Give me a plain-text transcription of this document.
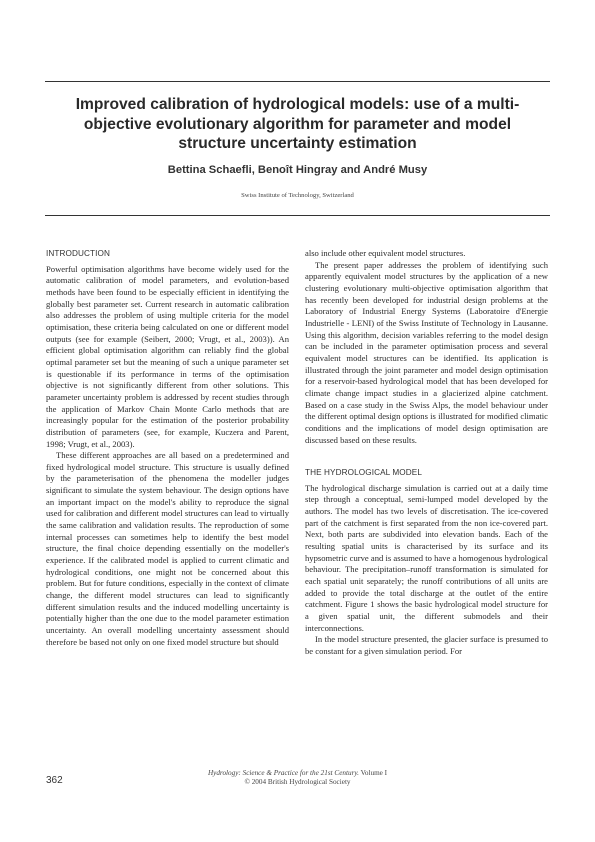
Improved calibration of hydrological models: use of a multi-objective evolutionary algorithm for parameter and model structure uncertainty estimation
Bettina Schaefli, Benoît Hingray and André Musy
Swiss Institute of Technology, Switzerland
INTRODUCTION

Powerful optimisation algorithms have become widely used for the automatic calibration of model parameters, and evolution-based methods have been found to be especially efficient in identifying the globally best parameter set. Current research in automatic calibration also addresses the problem of using multiple criteria for the model optimisation, these criteria being calculated on one or different model outputs (see for example (Seibert, 2000; Vrugt, et al., 2003)). An efficient global optimisation algorithm can reliably find the global optimal parameter set but the meaning of such a unique parameter set is questionable if its performance in terms of the optimisation objective is not significantly different from other solutions. This parameter uncertainty problem is addressed by recent studies through the application of Markov Chain Monte Carlo methods that are increasingly popular for the estimation of the posterior probability distribution of parameters (see, for example, Kuczera and Parent, 1998; Vrugt, et al., 2003).

These different approaches are all based on a predetermined and fixed hydrological model structure. This structure is usually defined by the parameterisation of the phenomena the modeller judges significant to simulate the system behaviour. The design options have an important impact on the model's ability to reproduce the signal used for calibration and different model structures can lead to virtually the same calibration and validation results. The reproduction of some internal processes can sometimes help to identify the best model structure, the final choice depending essentially on the modeller's experience. If the calibrated model is applied to current climatic and hydrological conditions, one might not be concerned about this problem. But for future conditions, especially in the context of climate change, the different model structures can lead to significantly different simulation results and the induced modelling uncertainty is potentially higher than the one due to the model parameter estimation uncertainty. An overall modelling uncertainty assessment should therefore be based not only on one fixed model structure but should

also include other equivalent model structures.

The present paper addresses the problem of identifying such apparently equivalent model structures by the application of a new clustering evolutionary multi-objective optimisation algorithm that has recently been developed for industrial design problems at the Laboratory of Industrial Energy Systems (Laboratoire d'Energie Industrielle - LENI) of the Swiss Institute of Technology in Lausanne. Using this algorithm, decision variables referring to the model design can be included in the parameter optimisation process and several equivalent model structures can be identified. Its application is illustrated through the joint parameter and model design optimisation for a reservoir-based hydrological model that has been developed for climate change impact studies in a glacierized alpine catchment. Based on a case study in the Swiss Alps, the model behaviour under the different optimal design options is illustrated for modified climatic conditions and the implications of model design optimisation are discussed based on these results.

THE HYDROLOGICAL MODEL

The hydrological discharge simulation is carried out at a daily time step through a conceptual, semi-lumped model developed by the authors. The model has two levels of discretisation. The ice-covered part of the catchment is first separated from the non ice-covered part. Next, both parts are subdivided into elevation bands. Each of the resulting spatial units is characterised by its surface and its hypsometric curve and is assumed to have a homogenous hydrological behaviour. The precipitation–runoff transformation is simulated for each spatial unit separately; the runoff contributions of all units are added to provide the total discharge at the outlet of the entire catchment. Figure 1 shows the basic hydrological model structure for a given spatial unit, the different submodels and their interconnections.

In the model structure presented, the glacier surface is presumed to be constant for a given simulation period. For

362
Hydrology: Science & Practice for the 21st Century. Volume I
© 2004 British Hydrological Society
